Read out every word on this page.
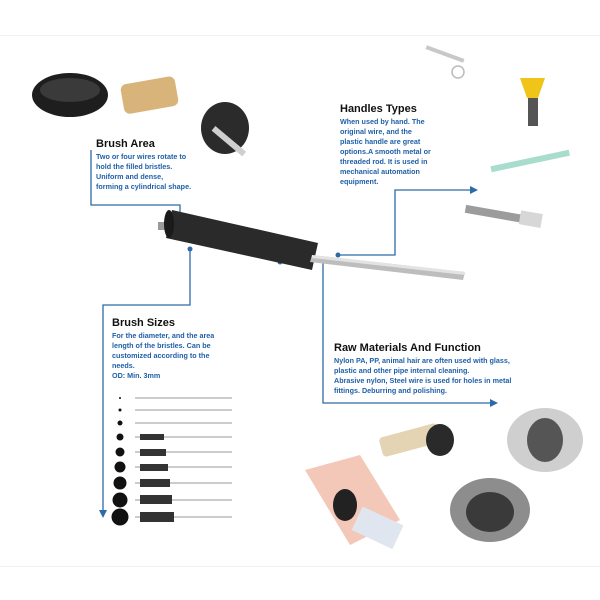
Brush Area
Two or four wires rotate to
hold the filled bristles.
Uniform and dense,
forming a cylindrical shape.
Handles Types
When used by hand. The
original wire, and the
plastic handle are great
options.A smooth metal or
threaded rod. It is used in
mechanical automation
equipment.
Brush Sizes
For the diameter, and the area
length of the bristles. Can be
customized according to the
needs.
OD: Min. 3mm
Raw Materials And Function
Nylon PA, PP, animal hair are often used with glass,
plastic and other pipe internal cleaning.
Abrasive nylon, Steel wire is used for holes in metal
fittings. Deburring and polishing.
